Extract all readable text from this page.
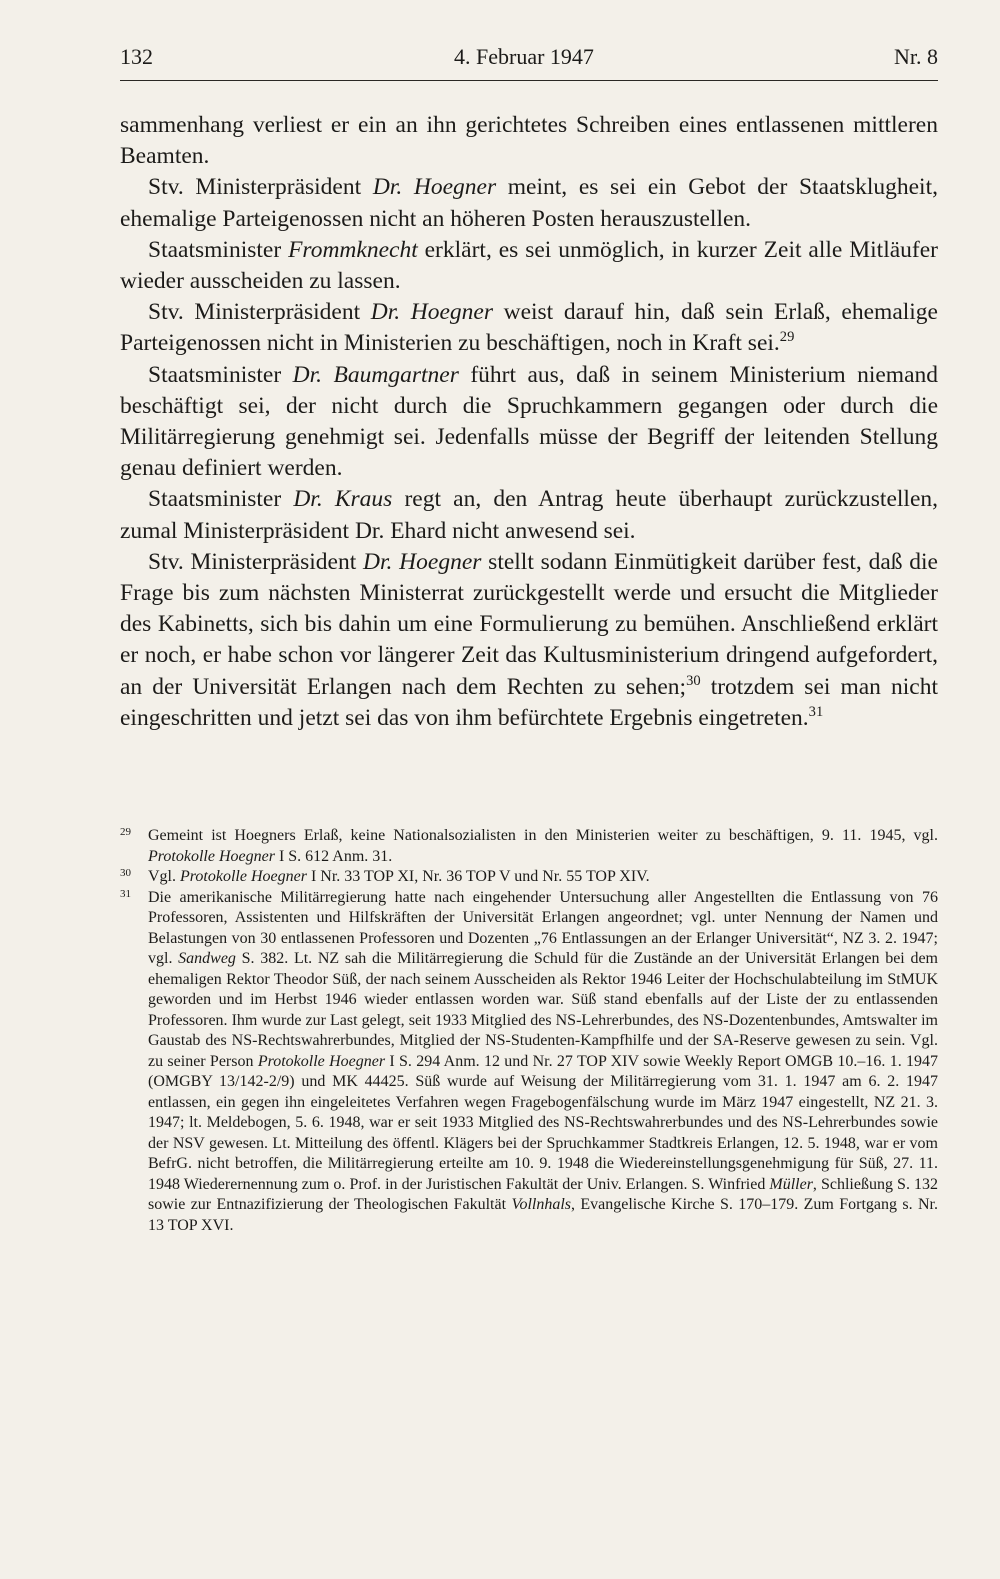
132	4. Februar 1947	Nr. 8

sammenhang verliest er ein an ihn gerichtetes Schreiben eines entlassenen mittleren Beamten.

Stv. Ministerpräsident Dr. Hoegner meint, es sei ein Gebot der Staatsklugheit, ehemalige Parteigenossen nicht an höheren Posten herauszustellen.

Staatsminister Frommknecht erklärt, es sei unmöglich, in kurzer Zeit alle Mitläufer wieder ausscheiden zu lassen.

Stv. Ministerpräsident Dr. Hoegner weist darauf hin, daß sein Erlaß, ehemalige Parteigenossen nicht in Ministerien zu beschäftigen, noch in Kraft sei.$^{29}$

Staatsminister Dr. Baumgartner führt aus, daß in seinem Ministerium niemand beschäftigt sei, der nicht durch die Spruchkammern gegangen oder durch die Militärregierung genehmigt sei. Jedenfalls müsse der Begriff der leitenden Stellung genau definiert werden.

Staatsminister Dr. Kraus regt an, den Antrag heute überhaupt zurückzustellen, zumal Ministerpräsident Dr. Ehard nicht anwesend sei.

Stv. Ministerpräsident Dr. Hoegner stellt sodann Einmütigkeit darüber fest, daß die Frage bis zum nächsten Ministerrat zurückgestellt werde und ersucht die Mitglieder des Kabinetts, sich bis dahin um eine Formulierung zu bemühen. Anschließend erklärt er noch, er habe schon vor längerer Zeit das Kultusministerium dringend aufgefordert, an der Universität Erlangen nach dem Rechten zu sehen;$^{30}$ trotzdem sei man nicht eingeschritten und jetzt sei das von ihm befürchtete Ergebnis eingetreten.$^{31}$

29 Gemeint ist Hoegners Erlaß, keine Nationalsozialisten in den Ministerien weiter zu beschäftigen, 9. 11. 1945, vgl. Protokolle Hoegner I S. 612 Anm. 31.
30 Vgl. Protokolle Hoegner I Nr. 33 TOP XI, Nr. 36 TOP V und Nr. 55 TOP XIV.
31 Die amerikanische Militärregierung hatte nach eingehender Untersuchung aller Angestellten die Entlassung von 76 Professoren, Assistenten und Hilfskräften der Universität Erlangen angeordnet; vgl. unter Nennung der Namen und Belastungen von 30 entlassenen Professoren und Dozenten „76 Entlassungen an der Erlanger Universität“, NZ 3. 2. 1947; vgl. Sandweg S. 382. Lt. NZ sah die Militärregierung die Schuld für die Zustände an der Universität Erlangen bei dem ehemaligen Rektor Theodor Süß, der nach seinem Ausscheiden als Rektor 1946 Leiter der Hochschulabteilung im StMUK geworden und im Herbst 1946 wieder entlassen worden war. Süß stand ebenfalls auf der Liste der zu entlassenden Professoren. Ihm wurde zur Last gelegt, seit 1933 Mitglied des NS-Lehrerbundes, des NS-Dozentenbundes, Amtswalter im Gaustab des NS-Rechtswahrerbundes, Mitglied der NS-Studenten-Kampfhilfe und der SA-Reserve gewesen zu sein. Vgl. zu seiner Person Protokolle Hoegner I S. 294 Anm. 12 und Nr. 27 TOP XIV sowie Weekly Report OMGB 10.–16. 1. 1947 (OMGBY 13/142-2/9) und MK 44425. Süß wurde auf Weisung der Militärregierung vom 31. 1. 1947 am 6. 2. 1947 entlassen, ein gegen ihn eingeleitetes Verfahren wegen Fragebogenfälschung wurde im März 1947 eingestellt, NZ 21. 3. 1947; lt. Meldebogen, 5. 6. 1948, war er seit 1933 Mitglied des NS-Rechtswahrerbundes und des NS-Lehrerbundes sowie der NSV gewesen. Lt. Mitteilung des öffentl. Klägers bei der Spruchkammer Stadtkreis Erlangen, 12. 5. 1948, war er vom BefrG. nicht betroffen, die Militärregierung erteilte am 10. 9. 1948 die Wiedereinstellungsgenehmigung für Süß, 27. 11. 1948 Wiederernennung zum o. Prof. in der Juristischen Fakultät der Univ. Erlangen. S. Winfried Müller, Schließung S. 132 sowie zur Entnazifizierung der Theologischen Fakultät Vollnhals, Evangelische Kirche S. 170–179. Zum Fortgang s. Nr. 13 TOP XVI.
